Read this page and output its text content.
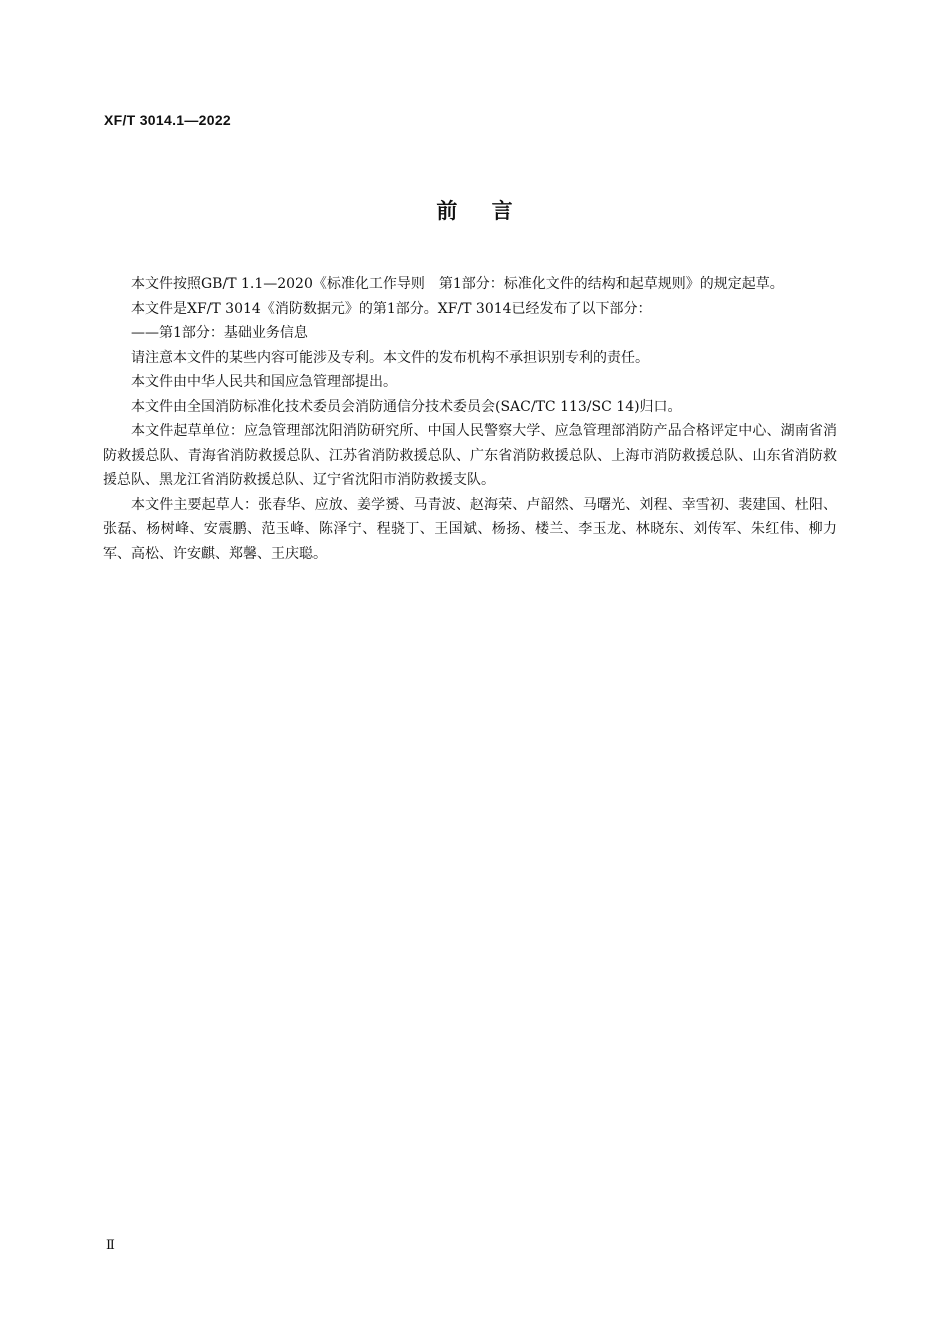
XF/T 3014.1—2022
前    言

本文件按照GB/T 1.1—2020《标准化工作导则　第1部分：标准化文件的结构和起草规则》的规定起草。

本文件是XF/T 3014《消防数据元》的第1部分。XF/T 3014已经发布了以下部分：

——第1部分：基础业务信息

请注意本文件的某些内容可能涉及专利。本文件的发布机构不承担识别专利的责任。

本文件由中华人民共和国应急管理部提出。

本文件由全国消防标准化技术委员会消防通信分技术委员会(SAC/TC 113/SC 14)归口。

本文件起草单位：应急管理部沈阳消防研究所、中国人民警察大学、应急管理部消防产品合格评定中心、湖南省消防救援总队、青海省消防救援总队、江苏省消防救援总队、广东省消防救援总队、上海市消防救援总队、山东省消防救援总队、黑龙江省消防救援总队、辽宁省沈阳市消防救援支队。

本文件主要起草人：张春华、应放、姜学赟、马青波、赵海荣、卢韶然、马曙光、刘程、幸雪初、裴建国、杜阳、张磊、杨树峰、安震鹏、范玉峰、陈泽宁、程骁丁、王国斌、杨扬、楼兰、李玉龙、林晓东、刘传军、朱红伟、柳力军、高松、许安麒、郑馨、王庆聪。

Ⅱ
